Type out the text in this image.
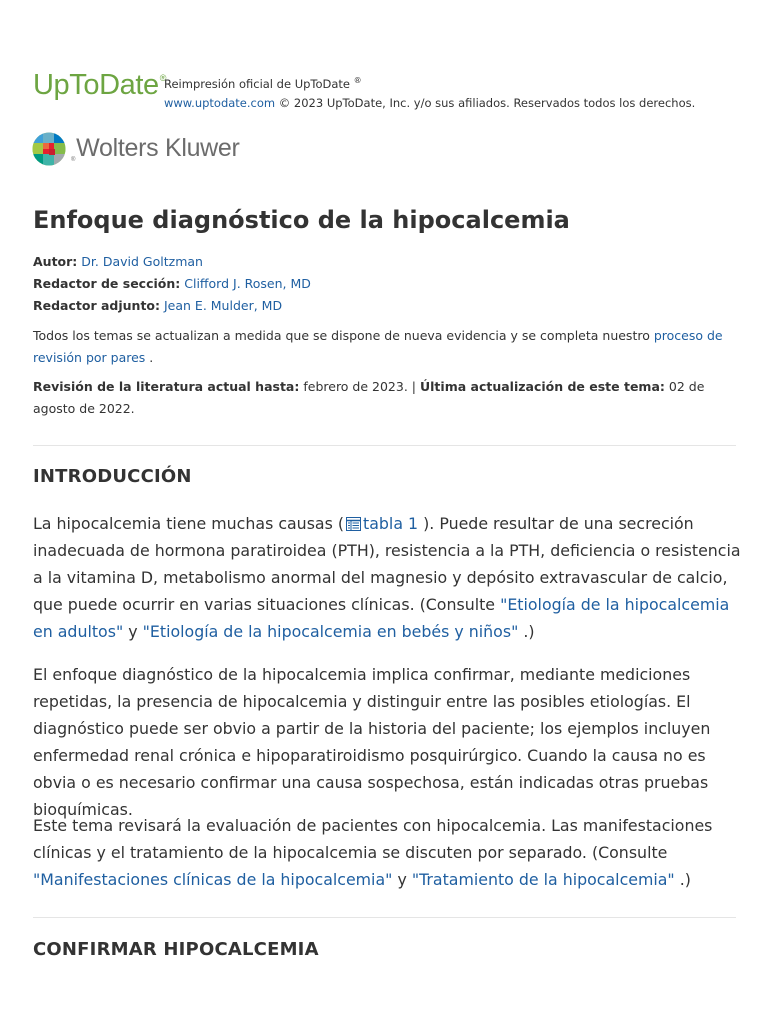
UpToDate®
Reimpresión oficial de UpToDate ®
www.uptodate.com © 2023 UpToDate, Inc. y/o sus afiliados. Reservados todos los derechos.
®Wolters Kluwer
Enfoque diagnóstico de la hipocalcemia
Autor: Dr. David Goltzman
Redactor de sección: Clifford J. Rosen, MD
Redactor adjunto: Jean E. Mulder, MD
Todos los temas se actualizan a medida que se dispone de nueva evidencia y se completa nuestro proceso de revisión por pares .
Revisión de la literatura actual hasta: febrero de 2023. | Última actualización de este tema: 02 de agosto de 2022.
INTRODUCCIÓN

La hipocalcemia tiene muchas causas ( tabla 1 ). Puede resultar de una secreción inadecuada de hormona paratiroidea (PTH), resistencia a la PTH, deficiencia o resistencia a la vitamina D, metabolismo anormal del magnesio y depósito extravascular de calcio, que puede ocurrir en varias situaciones clínicas. (Consulte "Etiología de la hipocalcemia en adultos" y "Etiología de la hipocalcemia en bebés y niños" .)

El enfoque diagnóstico de la hipocalcemia implica confirmar, mediante mediciones repetidas, la presencia de hipocalcemia y distinguir entre las posibles etiologías. El diagnóstico puede ser obvio a partir de la historia del paciente; los ejemplos incluyen enfermedad renal crónica e hipoparatiroidismo posquirúrgico. Cuando la causa no es obvia o es necesario confirmar una causa sospechosa, están indicadas otras pruebas bioquímicas.

Este tema revisará la evaluación de pacientes con hipocalcemia. Las manifestaciones clínicas y el tratamiento de la hipocalcemia se discuten por separado. (Consulte "Manifestaciones clínicas de la hipocalcemia" y "Tratamiento de la hipocalcemia" .)

CONFIRMAR HIPOCALCEMIA
